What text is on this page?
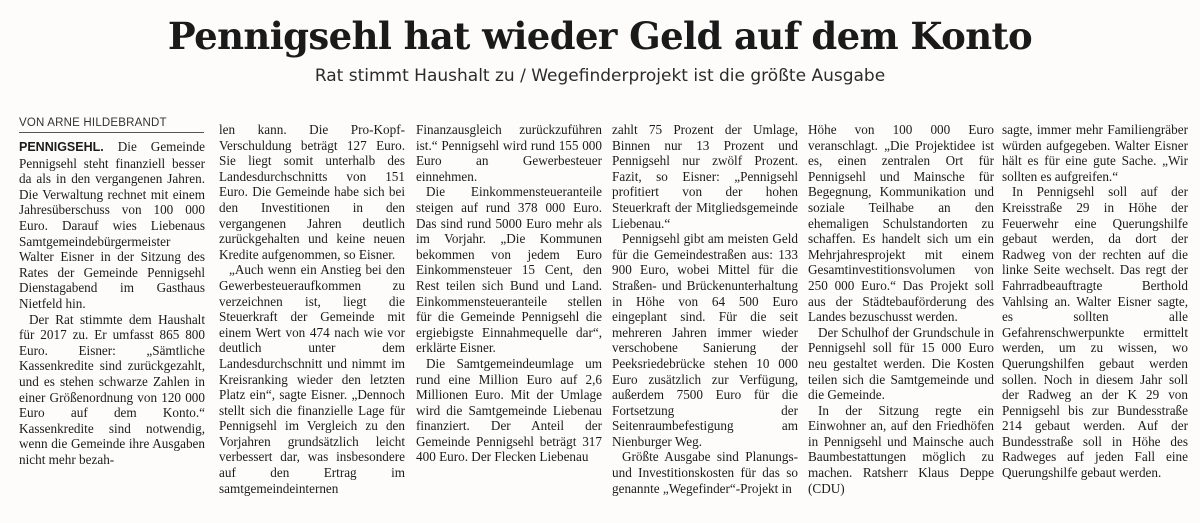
Pennigsehl hat wieder Geld auf dem Konto
Rat stimmt Haushalt zu / Wegefinderprojekt ist die größte Ausgabe
VON ARNE HILDEBRANDT

PENNIGSEHL. Die Gemeinde Pennigsehl steht finanziell besser da als in den vergangenen Jahren. Die Verwaltung rechnet mit einem Jahresüberschuss von 100 000 Euro. Darauf wies Liebenaus Samtgemeindebürgermeister Walter Eisner in der Sitzung des Rates der Gemeinde Pennigsehl Dienstagabend im Gasthaus Nietfeld hin.

Der Rat stimmte dem Haushalt für 2017 zu. Er umfasst 865 800 Euro. Eisner: „Sämtliche Kassenkredite sind zurückgezahlt, und es stehen schwarze Zahlen in einer Größenordnung von 120 000 Euro auf dem Konto.“ Kassenkredite sind notwendig, wenn die Gemeinde ihre Ausgaben nicht mehr bezah-

len kann. Die Pro-Kopf-Verschuldung beträgt 127 Euro. Sie liegt somit unterhalb des Landesdurchschnitts von 151 Euro. Die Gemeinde habe sich bei den Investitionen in den vergangenen Jahren deutlich zurückgehalten und keine neuen Kredite aufgenommen, so Eisner.

„Auch wenn ein Anstieg bei den Gewerbesteueraufkommen zu verzeichnen ist, liegt die Steuerkraft der Gemeinde mit einem Wert von 474 nach wie vor deutlich unter dem Landesdurchschnitt und nimmt im Kreisranking wieder den letzten Platz ein“, sagte Eisner. „Dennoch stellt sich die finanzielle Lage für Pennigsehl im Vergleich zu den Vorjahren grundsätzlich leicht verbessert dar, was insbesondere auf den Ertrag im samtgemeindeinternen

Finanzausgleich zurückzuführen ist.“ Pennigsehl wird rund 155 000 Euro an Gewerbesteuer einnehmen.

Die Einkommensteueranteile steigen auf rund 378 000 Euro. Das sind rund 5000 Euro mehr als im Vorjahr. „Die Kommunen bekommen von jedem Euro Einkommensteuer 15 Cent, den Rest teilen sich Bund und Land. Einkommensteueranteile stellen für die Gemeinde Pennigsehl die ergiebigste Einnahmequelle dar“, erklärte Eisner.

Die Samtgemeindeumlage um rund eine Million Euro auf 2,6 Millionen Euro. Mit der Umlage wird die Samtgemeinde Liebenau finanziert. Der Anteil der Gemeinde Pennigsehl beträgt 317 400 Euro. Der Flecken Liebenau

zahlt 75 Prozent der Umlage, Binnen nur 13 Prozent und Pennigsehl nur zwölf Prozent. Fazit, so Eisner: „Pennigsehl profitiert von der hohen Steuerkraft der Mitgliedsgemeinde Liebenau.“

Pennigsehl gibt am meisten Geld für die Gemeindestraßen aus: 133 900 Euro, wobei Mittel für die Straßen- und Brückenunterhaltung in Höhe von 64 500 Euro eingeplant sind. Für die seit mehreren Jahren immer wieder verschobene Sanierung der Peeksriedebrücke stehen 10 000 Euro zusätzlich zur Verfügung, außerdem 7500 Euro für die Fortsetzung der Seitenraumbefestigung am Nienburger Weg.

Größte Ausgabe sind Planungs- und Investitionskosten für das so genannte „Wegefinder“-Projekt in

Höhe von 100 000 Euro veranschlagt. „Die Projektidee ist es, einen zentralen Ort für Pennigsehl und Mainsche für Begegnung, Kommunikation und soziale Teilhabe an den ehemaligen Schulstandorten zu schaffen. Es handelt sich um ein Mehrjahresprojekt mit einem Gesamtinvestitionsvolumen von 250 000 Euro.“ Das Projekt soll aus der Städtebauförderung des Landes bezuschusst werden.

Der Schulhof der Grundschule in Pennigsehl soll für 15 000 Euro neu gestaltet werden. Die Kosten teilen sich die Samtgemeinde und die Gemeinde.

In der Sitzung regte ein Einwohner an, auf den Friedhöfen in Pennigsehl und Mainsche auch Baumbestattungen möglich zu machen. Ratsherr Klaus Deppe (CDU)

sagte, immer mehr Familiengräber würden aufgegeben. Walter Eisner hält es für eine gute Sache. „Wir sollten es aufgreifen.“

In Pennigsehl soll auf der Kreisstraße 29 in Höhe der Feuerwehr eine Querungshilfe gebaut werden, da dort der Radweg von der rechten auf die linke Seite wechselt. Das regt der Fahrradbeauftragte Berthold Vahlsing an. Walter Eisner sagte, es sollten alle Gefahrenschwerpunkte ermittelt werden, um zu wissen, wo Querungshilfen gebaut werden sollen. Noch in diesem Jahr soll der Radweg an der K 29 von Pennigsehl bis zur Bundesstraße 214 gebaut werden. Auf der Bundesstraße soll in Höhe des Radweges auf jeden Fall eine Querungshilfe gebaut werden.
